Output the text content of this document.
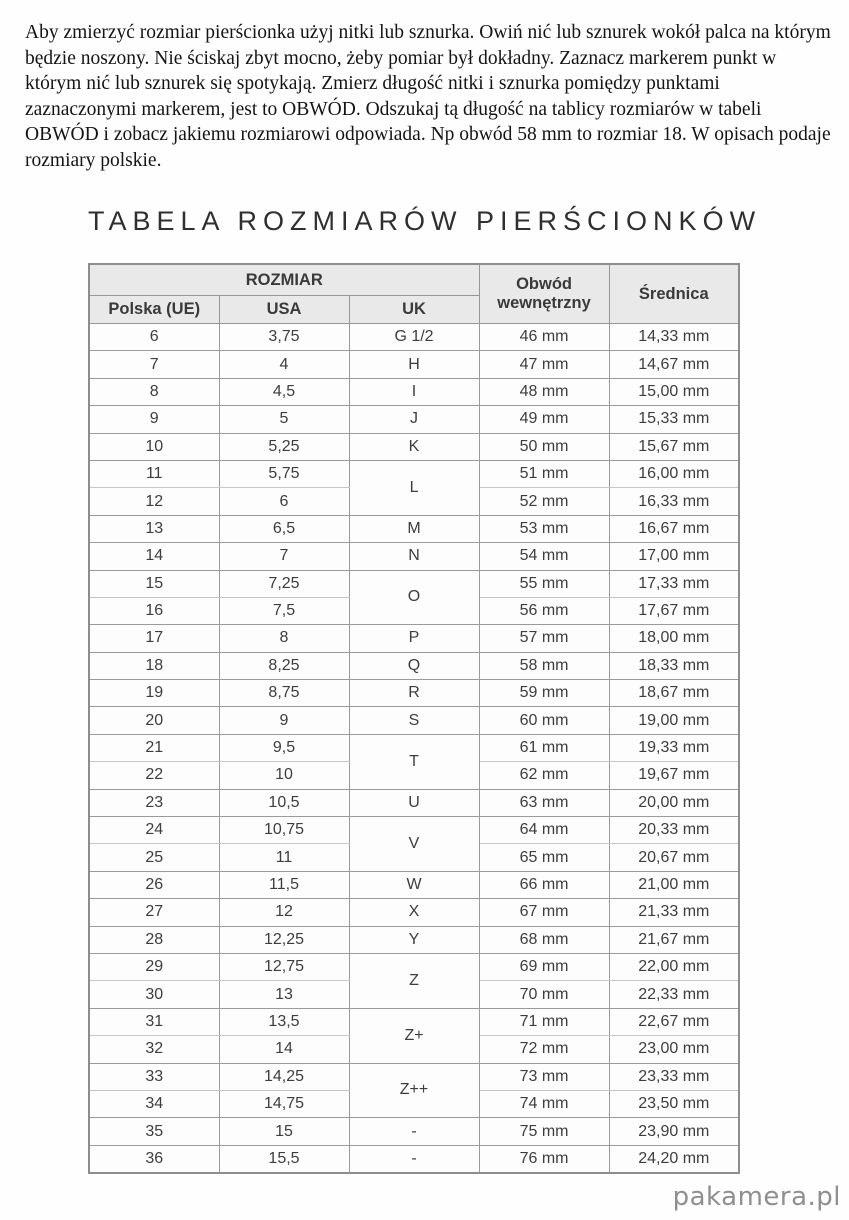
Aby zmierzyć rozmiar pierścionka użyj nitki lub sznurka. Owiń nić lub sznurek wokół palca na którym będzie noszony. Nie ściskaj zbyt mocno, żeby pomiar był dokładny. Zaznacz markerem punkt w którym nić lub sznurek się spotykają. Zmierz długość nitki i sznurka pomiędzy punktami zaznaczonymi markerem, jest to OBWÓD. Odszukaj tą długość na tablicy rozmiarów w tabeli OBWÓD i zobacz jakiemu rozmiarowi odpowiada. Np obwód 58 mm to rozmiar 18. W opisach podaje rozmiary polskie.

TABELA ROZMIARÓW PIERŚCIONKÓW
ROZMIAR			Obwód wewnętrzny	Średnica
Polska (UE)	USA	UK		
6	3,75	G 1/2	46 mm	14,33 mm
7	4	H	47 mm	14,67 mm
8	4,5	I	48 mm	15,00 mm
9	5	J	49 mm	15,33 mm
10	5,25	K	50 mm	15,67 mm
11	5,75	L	51 mm	16,00 mm
12	6		52 mm	16,33 mm
13	6,5	M	53 mm	16,67 mm
14	7	N	54 mm	17,00 mm
15	7,25	O	55 mm	17,33 mm
16	7,5		56 mm	17,67 mm
17	8	P	57 mm	18,00 mm
18	8,25	Q	58 mm	18,33 mm
19	8,75	R	59 mm	18,67 mm
20	9	S	60 mm	19,00 mm
21	9,5	T	61 mm	19,33 mm
22	10		62 mm	19,67 mm
23	10,5	U	63 mm	20,00 mm
24	10,75	V	64 mm	20,33 mm
25	11		65 mm	20,67 mm
26	11,5	W	66 mm	21,00 mm
27	12	X	67 mm	21,33 mm
28	12,25	Y	68 mm	21,67 mm
29	12,75	Z	69 mm	22,00 mm
30	13		70 mm	22,33 mm
31	13,5	Z+	71 mm	22,67 mm
32	14		72 mm	23,00 mm
33	14,25	Z++	73 mm	23,33 mm
34	14,75		74 mm	23,50 mm
35	15	-	75 mm	23,90 mm
36	15,5	-	76 mm	24,20 mm
pakamera.pl
